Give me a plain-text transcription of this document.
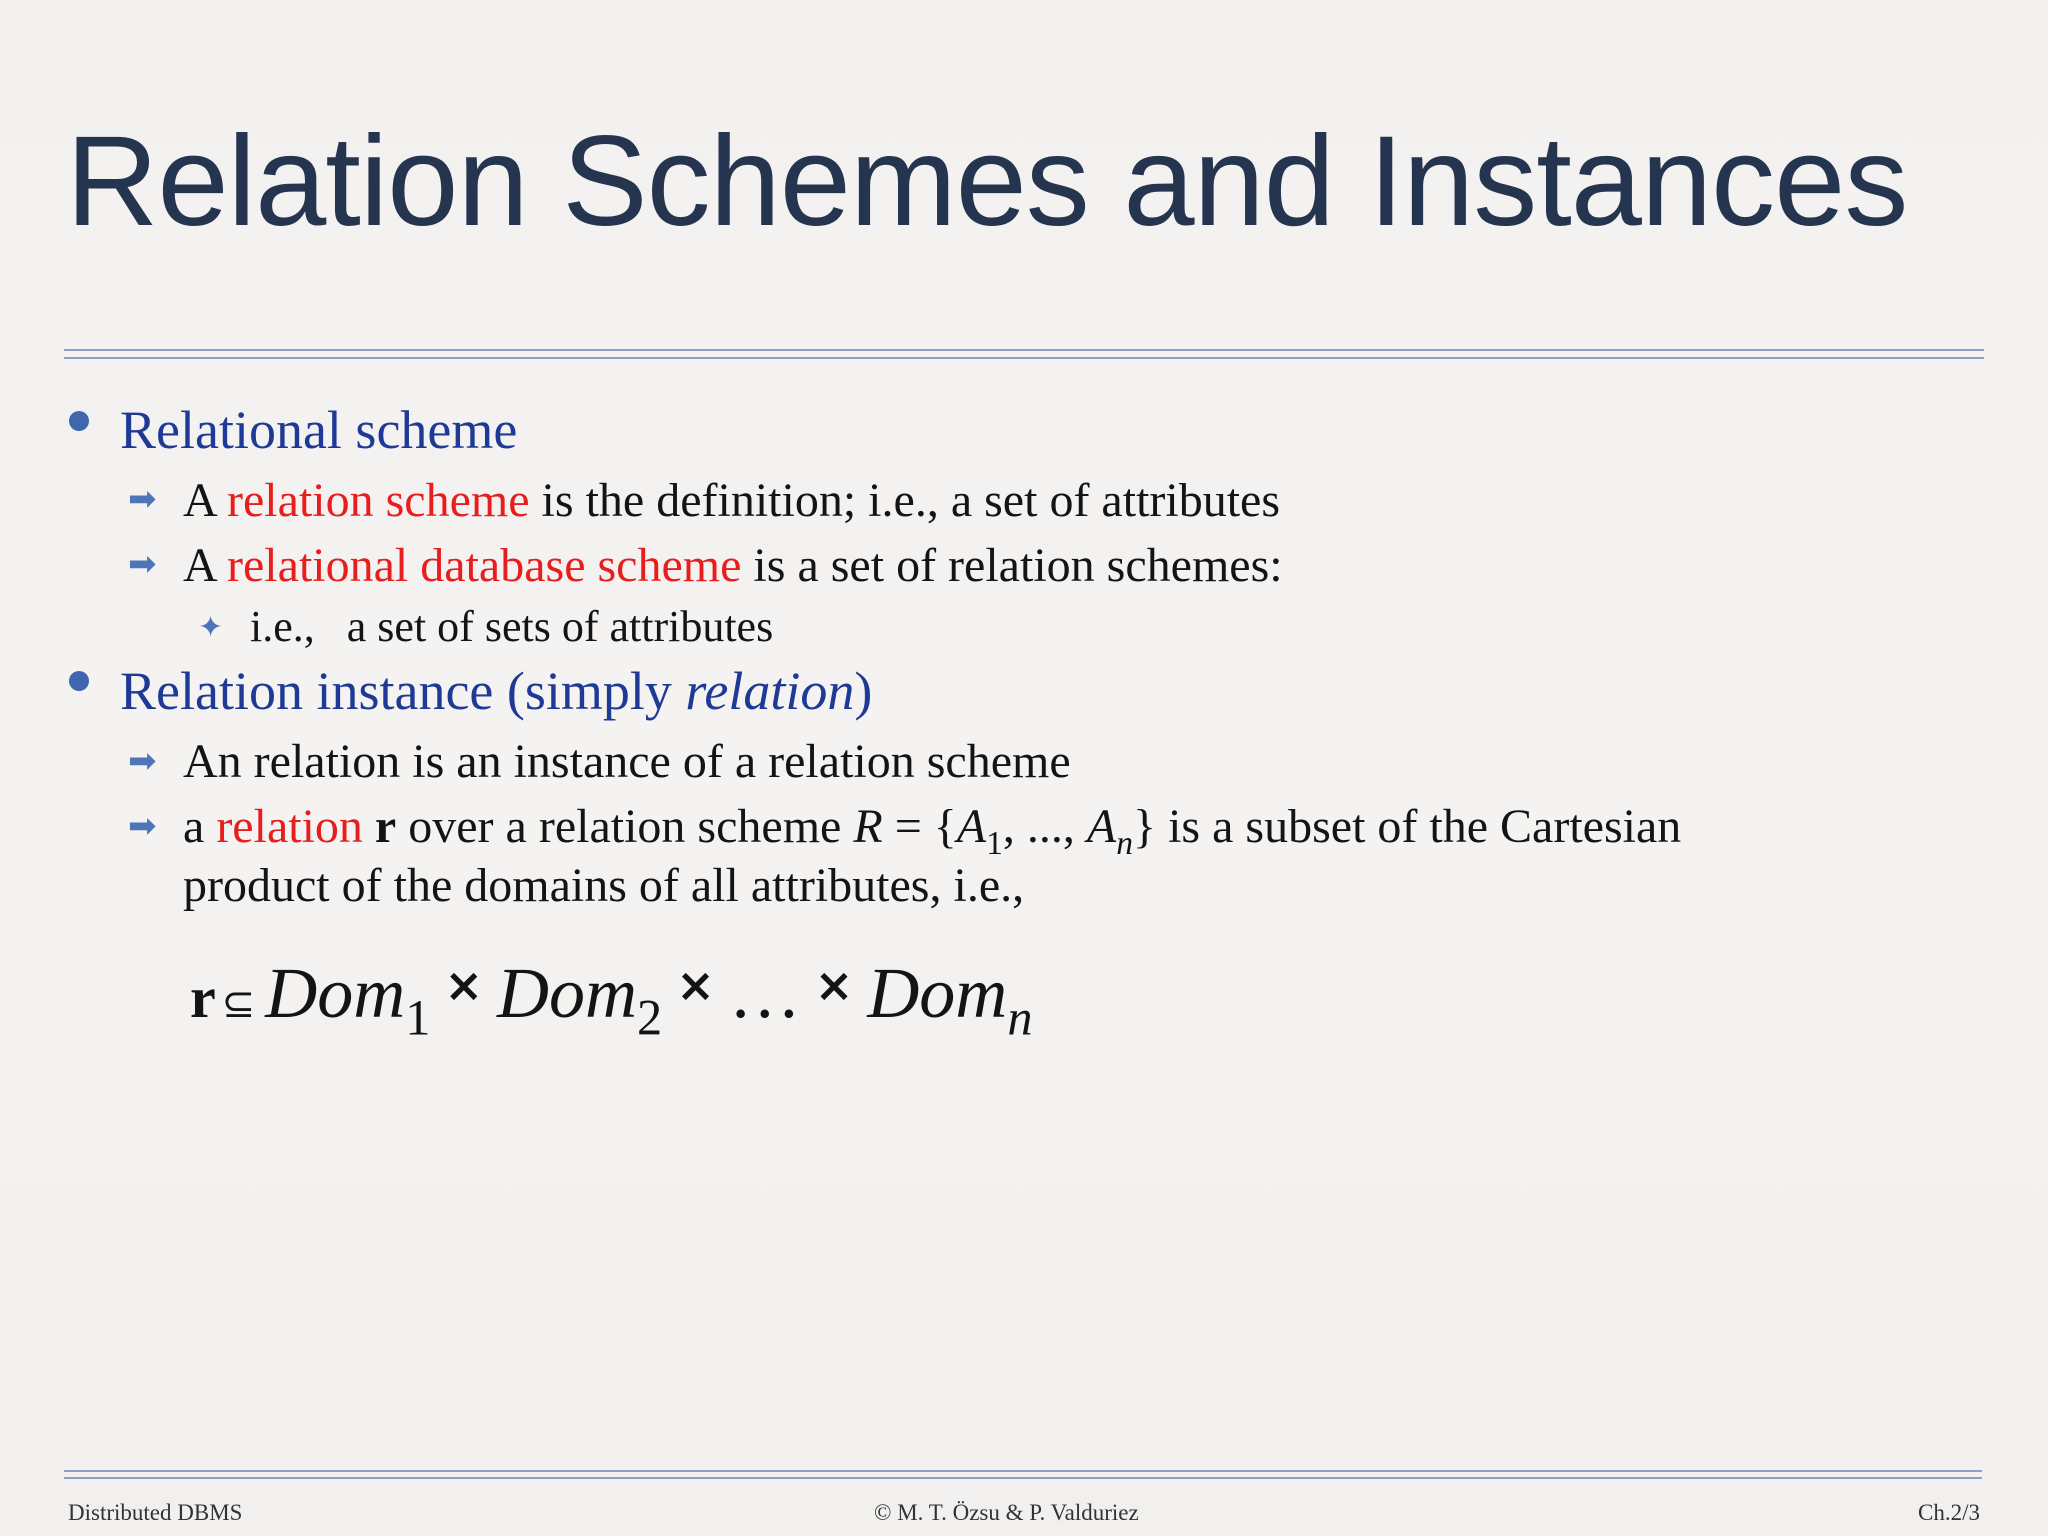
Relation Schemes and Instances
Relational scheme
➡ A relation scheme is the definition; i.e., a set of attributes
➡ A relational database scheme is a set of relation schemes:
✦ i.e., a set of sets of attributes
Relation instance (simply relation)
➡ An relation is an instance of a relation scheme
➡ a relation r over a relation scheme $R = \{A_1$, ..., $A_n$} is a subset of the Cartesian
product of the domains of all attributes, i.e.,
r ⊆ Dom$_1$× Dom$_2$× … × Dom$_n$
Distributed DBMS	© M. T. Özsu & P. Valduriez	Ch.2/3
